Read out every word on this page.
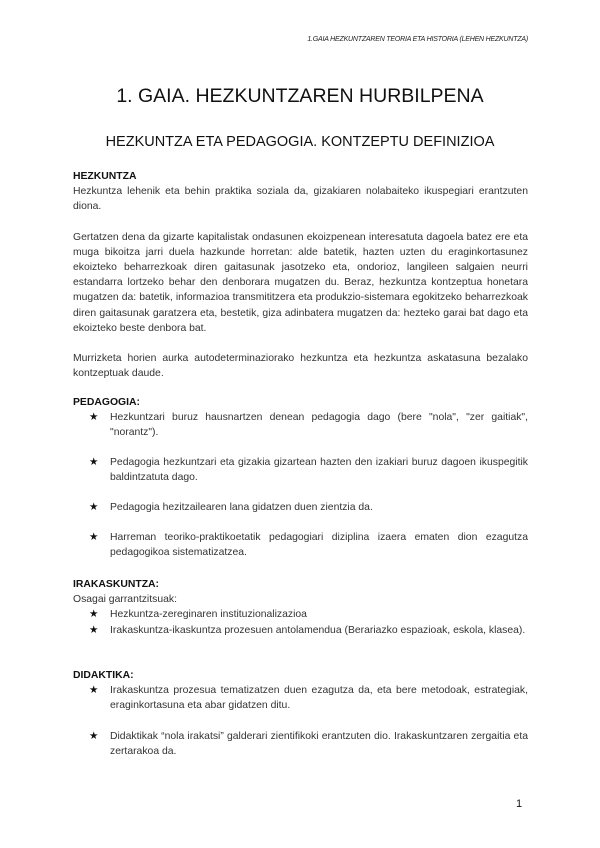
1.GAIA HEZKUNTZAREN TEORIA ETA HISTORIA (LEHEN HEZKUNTZA)
1. GAIA. HEZKUNTZAREN HURBILPENA
HEZKUNTZA ETA PEDAGOGIA. KONTZEPTU DEFINIZIOA
HEZKUNTZA

Hezkuntza lehenik eta behin praktika soziala da, gizakiaren nolabaiteko ikuspegiari erantzuten diona.

Gertatzen dena da gizarte kapitalistak ondasunen ekoizpenean interesatuta dagoela batez ere eta muga bikoitza jarri duela hazkunde horretan: alde batetik, hazten uzten du eraginkortasunez ekoizteko beharrezkoak diren gaitasunak jasotzeko eta, ondorioz, langileen salgaien neurri estandarra lortzeko behar den denborara mugatzen du. Beraz, hezkuntza kontzeptua honetara mugatzen da: batetik, informazioa transmititzera eta produkzio-sistemara egokitzeko beharrezkoak diren gaitasunak garatzera eta, bestetik, giza adinbatera mugatzen da: hezteko garai bat dago eta ekoizteko beste denbora bat.

Murrizketa horien aurka autodeterminaziorako hezkuntza eta hezkuntza askatasuna bezalako kontzeptuak daude.

PEDAGOGIA:
★ Hezkuntzari buruz hausnartzen denean pedagogia dago (bere "nola", "zer gaitiak", "norantz").
★ Pedagogia hezkuntzari eta gizakia gizartean hazten den izakiari buruz dagoen ikuspegitik baldintzatuta dago.
★ Pedagogia hezitzailearen lana gidatzen duen zientzia da.
★ Harreman teoriko-praktikoetatik pedagogiari diziplina izaera ematen dion ezagutza pedagogikoa sistematizatzea.
IRAKASKUNTZA:

Osagai garrantzitsuak:

★ Hezkuntza-zereginaren instituzionalizazioa
★ Irakaskuntza-ikaskuntza prozesuen antolamendua (Berariazko espazioak, eskola, klasea).
DIDAKTIKA:
★ Irakaskuntza prozesua tematizatzen duen ezagutza da, eta bere metodoak, estrategiak, eraginkortasuna eta abar gidatzen ditu.
★ Didaktikak “nola irakatsi” galderari zientifikoki erantzuten dio. Irakaskuntzaren zergaitia eta zertarakoa da.
1
